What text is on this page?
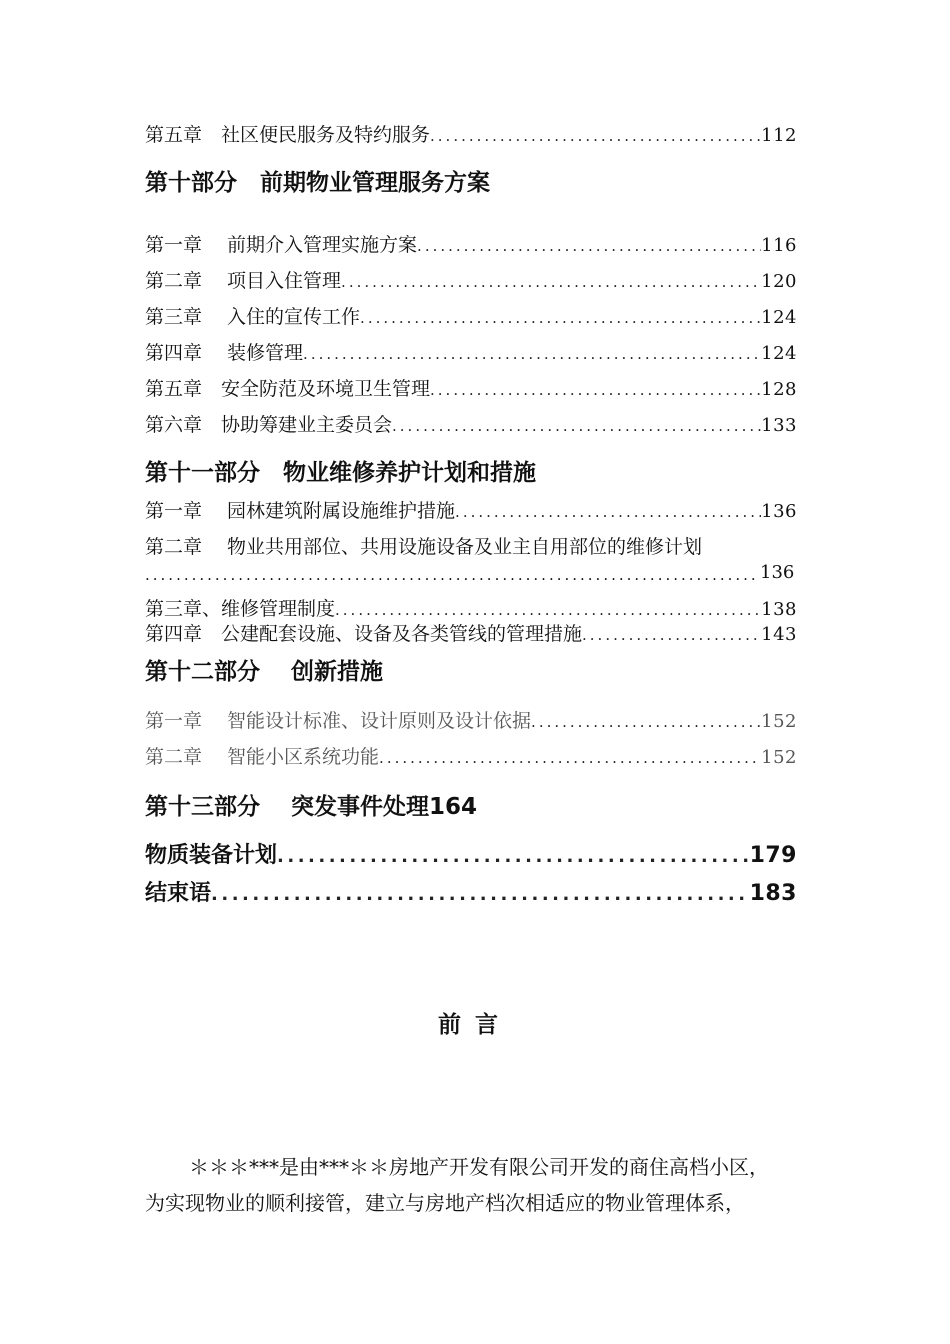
第五章　社区便民服务及特约服务 .....	112
第十部分　前期物业管理服务方案
第一章　 前期介入管理实施方案 .....	116
第二章　 项目入住管理 .....	120
第三章　 入住的宣传工作 .....	124
第四章　 装修管理 .....	124
第五章　安全防范及环境卫生管理 .....	128
第六章　协助筹建业主委员会 .....	133
第十一部分　物业维修养护计划和措施
第一章　 园林建筑附属设施维护措施 .....	136
第二章　 物业共用部位、共用设施设备及业主自用部位的维修计划
.....
136
第三章、维修管理制度 .....	138
第四章　公建配套设施、设备及各类管线的管理措施 .....	143
第十二部分　 创新措施
第一章　 智能设计标准、设计原则及设计依据 .....	152
第二章　 智能小区系统功能 .....	152
第十三部分　 突发事件处理164
物质装备计划 .....	179
结束语 .....	183
前言
＊＊＊***是由***＊＊房地产开发有限公司开发的商住高档小区，
为实现物业的顺利接管，建立与房地产档次相适应的物业管理体系，
